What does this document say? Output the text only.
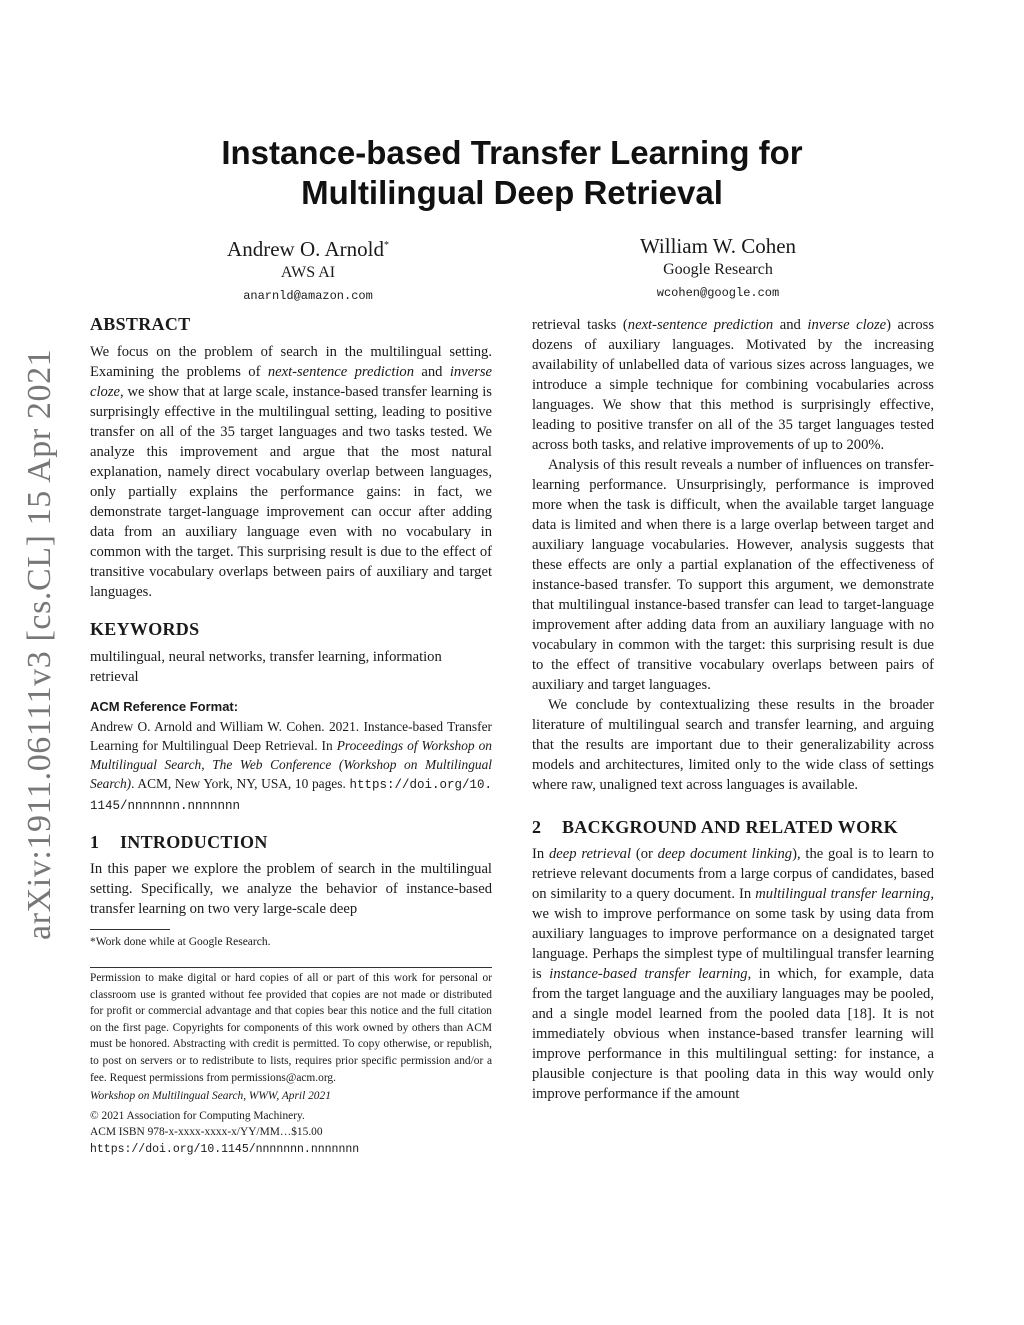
arXiv:1911.06111v3 [cs.CL] 15 Apr 2021
Instance-based Transfer Learning for
Multilingual Deep Retrieval
Andrew O. Arnold*
AWS AI
anarnld@amazon.com
William W. Cohen
Google Research
wcohen@google.com
ABSTRACT

We focus on the problem of search in the multilingual setting. Examining the problems of next-sentence prediction and inverse cloze, we show that at large scale, instance-based transfer learning is surprisingly effective in the multilingual setting, leading to positive transfer on all of the 35 target languages and two tasks tested. We analyze this improvement and argue that the most natural explanation, namely direct vocabulary overlap between languages, only partially explains the performance gains: in fact, we demonstrate target-language improvement can occur after adding data from an auxiliary language even with no vocabulary in common with the target. This surprising result is due to the effect of transitive vocabulary overlaps between pairs of auxiliary and target languages.

KEYWORDS

multilingual, neural networks, transfer learning, information retrieval

ACM Reference Format:

Andrew O. Arnold and William W. Cohen. 2021. Instance-based Transfer Learning for Multilingual Deep Retrieval. In Proceedings of Workshop on Multilingual Search, The Web Conference (Workshop on Multilingual Search). ACM, New York, NY, USA, 10 pages. https://doi.org/10.1145/nnnnnnn.nnnnnnn

1 INTRODUCTION

In this paper we explore the problem of search in the multilingual setting. Specifically, we analyze the behavior of instance-based transfer learning on two very large-scale deep

*Work done while at Google Research.
Permission to make digital or hard copies of all or part of this work for personal or classroom use is granted without fee provided that copies are not made or distributed for profit or commercial advantage and that copies bear this notice and the full citation on the first page. Copyrights for components of this work owned by others than ACM must be honored. Abstracting with credit is permitted. To copy otherwise, or republish, to post on servers or to redistribute to lists, requires prior specific permission and/or a fee. Request permissions from permissions@acm.org.
Workshop on Multilingual Search, WWW, April 2021
© 2021 Association for Computing Machinery.
ACM ISBN 978-x-xxxx-xxxx-x/YY/MM…$15.00
https://doi.org/10.1145/nnnnnnn.nnnnnnn

retrieval tasks (next-sentence prediction and inverse cloze) across dozens of auxiliary languages. Motivated by the increasing availability of unlabelled data of various sizes across languages, we introduce a simple technique for combining vocabularies across languages. We show that this method is surprisingly effective, leading to positive transfer on all of the 35 target languages tested across both tasks, and relative improvements of up to 200%.

Analysis of this result reveals a number of influences on transfer-learning performance. Unsurprisingly, performance is improved more when the task is difficult, when the available target language data is limited and when there is a large overlap between target and auxiliary language vocabularies. However, analysis suggests that these effects are only a partial explanation of the effectiveness of instance-based transfer. To support this argument, we demonstrate that multilingual instance-based transfer can lead to target-language improvement after adding data from an auxiliary language with no vocabulary in common with the target: this surprising result is due to the effect of transitive vocabulary overlaps between pairs of auxiliary and target languages.

We conclude by contextualizing these results in the broader literature of multilingual search and transfer learning, and arguing that the results are important due to their generalizability across models and architectures, limited only to the wide class of settings where raw, unaligned text across languages is available.

2 BACKGROUND AND RELATED WORK

In deep retrieval (or deep document linking), the goal is to learn to retrieve relevant documents from a large corpus of candidates, based on similarity to a query document. In multilingual transfer learning, we wish to improve performance on some task by using data from auxiliary languages to improve performance on a designated target language. Perhaps the simplest type of multilingual transfer learning is instance-based transfer learning, in which, for example, data from the target language and the auxiliary languages may be pooled, and a single model learned from the pooled data [18]. It is not immediately obvious when instance-based transfer learning will improve performance in this multilingual setting: for instance, a plausible conjecture is that pooling data in this way would only improve performance if the amount
